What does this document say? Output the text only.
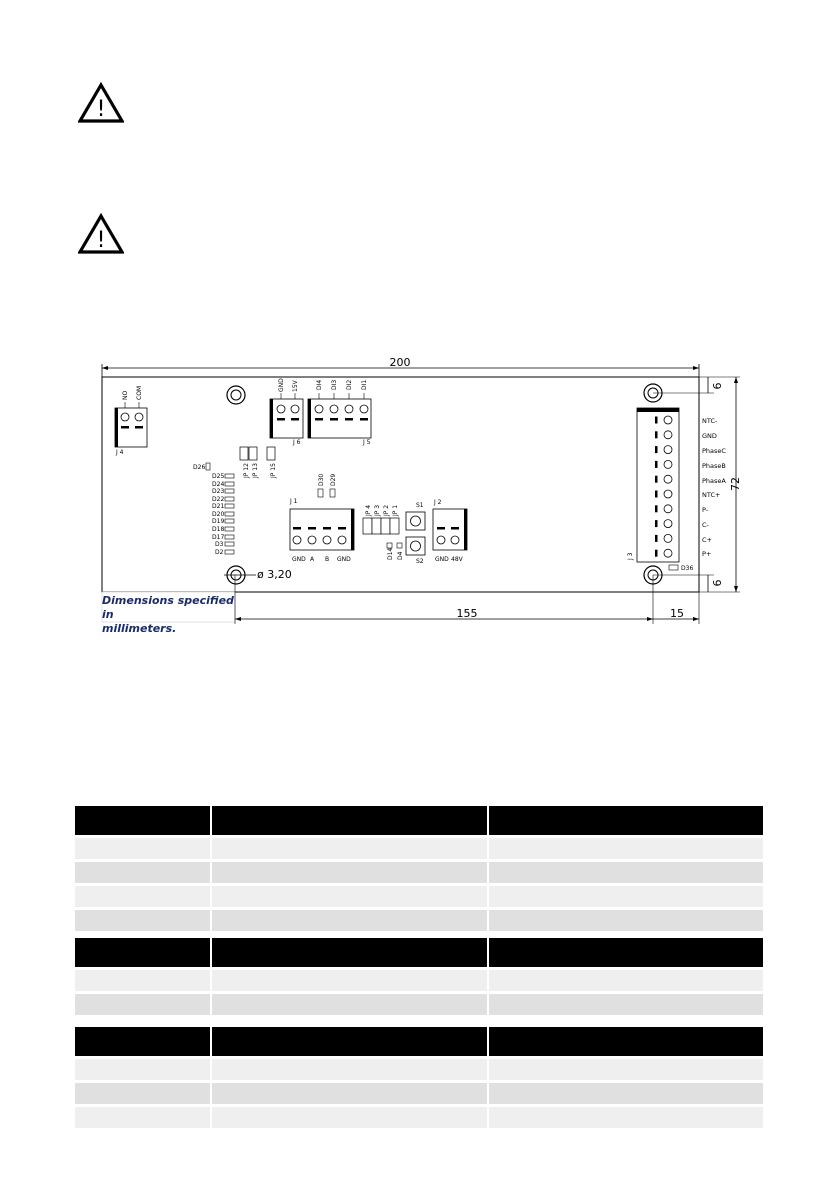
!
!
200
6
6
72
155	15
ø 3,20
NO COM
J 4
D26
D25
D24
D23
D22
D21
D20
D19
D18
D17
D3
D2
JP 12 JP 13 JP 15
GND 15V
J 6
DI4 DI3 DI2 DI1
J 5
D30 D29
J 1
GND A B GND
JP 4 JP 3 JP 2 JP 1
D14 D4
S1
S2
J 2
GND 48V	J 3
NTC-
GND
PhaseC
PhaseB
PhaseA
NTC+
P-
C-
C+
P+
D36
Dimensions specified in
millimeters.
